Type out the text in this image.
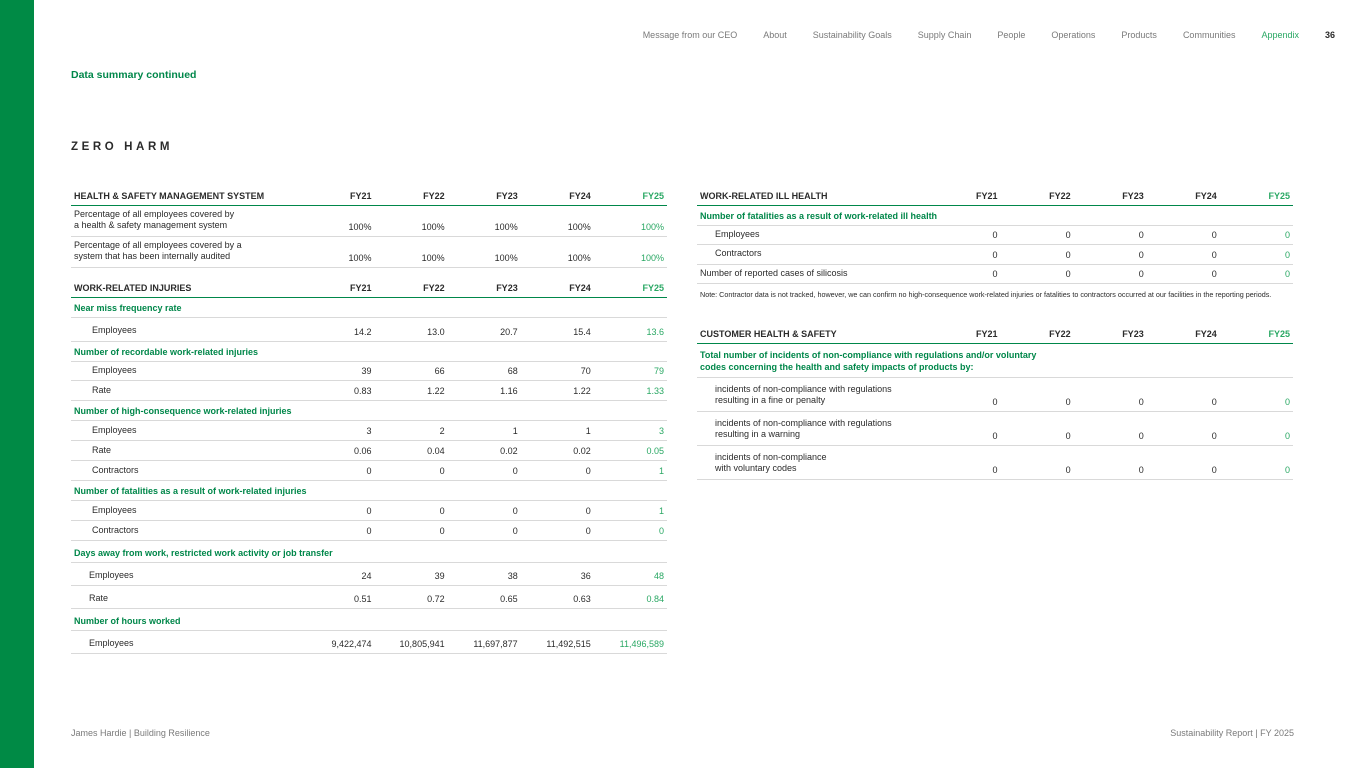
Message from our CEO	About	Sustainability Goals	Supply Chain	People	Operations	Products	Communities	Appendix	36
Data summary continued
ZERO HARM
HEALTH & SAFETY MANAGEMENT SYSTEM	FY21	FY22	FY23	FY24	FY25
Percentage of all employees covered by a health & safety management system	100%	100%	100%	100%	100%
Percentage of all employees covered by a system that has been internally audited	100%	100%	100%	100%	100%

WORK-RELATED INJURIES	FY21	FY22	FY23	FY24	FY25
Near miss frequency rate					
Employees	14.2	13.0	20.7	15.4	13.6
Number of recordable work-related injuries					
Employees	39	66	68	70	79
Rate	0.83	1.22	1.16	1.22	1.33
Number of high-consequence work-related injuries					
Employees	3	2	1	1	3
Rate	0.06	0.04	0.02	0.02	0.05
Contractors	0	0	0	0	1
Number of fatalities as a result of work-related injuries					
Employees	0	0	0	0	1
Contractors	0	0	0	0	0
Days away from work, restricted work activity or job transfer					
Employees	24	39	38	36	48
Rate	0.51	0.72	0.65	0.63	0.84
Number of hours worked					
Employees	9,422,474	10,805,941	11,697,877	11,492,515	11,496,589
WORK-RELATED ILL HEALTH	FY21	FY22	FY23	FY24	FY25
Number of fatalities as a result of work-related ill health					
Employees	0	0	0	0	0
Contractors	0	0	0	0	0
Number of reported cases of silicosis	0	0	0	0	0
Note: Contractor data is not tracked, however, we can confirm no high-consequence work-related injuries or fatalities to contractors occurred at our facilities in the reporting periods.
CUSTOMER HEALTH & SAFETY	FY21	FY22	FY23	FY24	FY25
Total number of incidents of non-compliance with regulations and/or voluntary codes concerning the health and safety impacts of products by:					
incidents of non-compliance with regulations resulting in a fine or penalty	0	0	0	0	0
incidents of non-compliance with regulations resulting in a warning	0	0	0	0	0
incidents of non-compliance with voluntary codes	0	0	0	0	0
James Hardie | Building Resilience	Sustainability Report | FY 2025
